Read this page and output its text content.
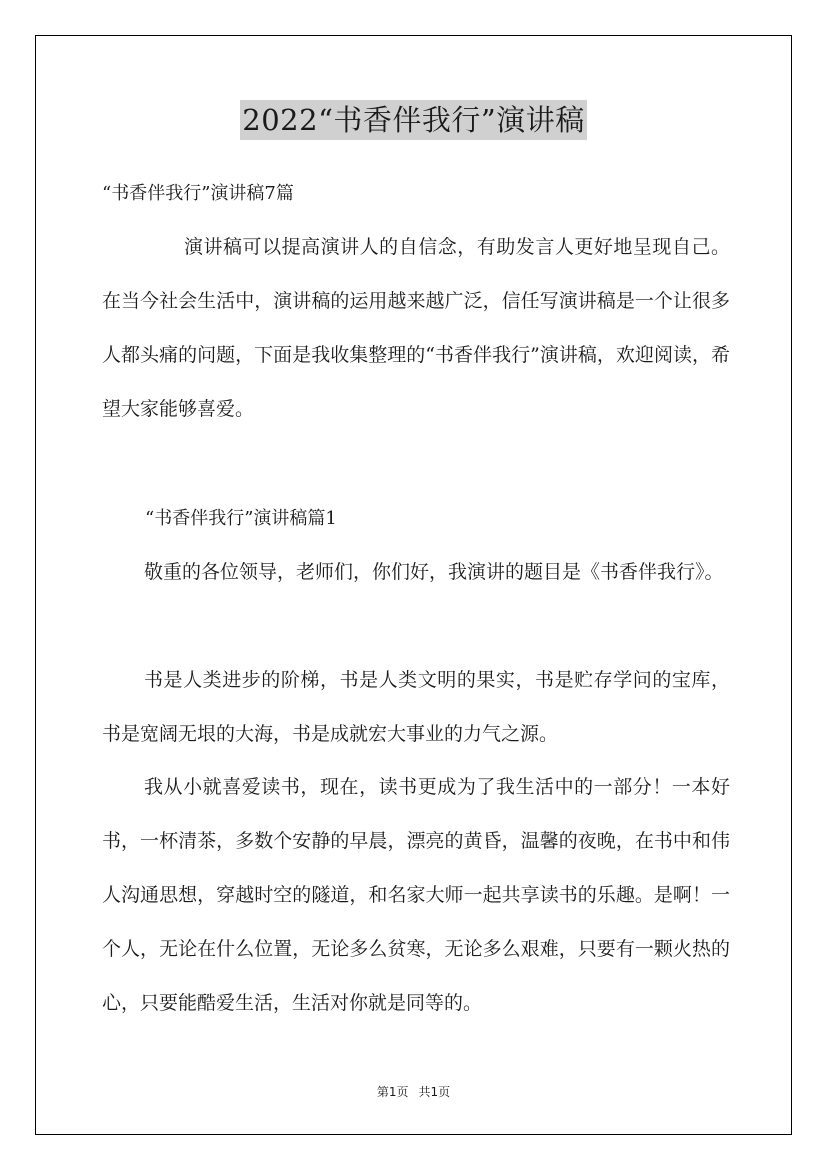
2022“书香伴我行”演讲稿
“书香伴我行”演讲稿7篇
演讲稿可以提高演讲人的自信念，有助发言人更好地呈现自己。在当今社会生活中，演讲稿的运用越来越广泛，信任写演讲稿是一个让很多人都头痛的问题，下面是我收集整理的“书香伴我行”演讲稿，欢迎阅读，希望大家能够喜爱。
“书香伴我行”演讲稿篇1
敬重的各位领导，老师们，你们好，我演讲的题目是《书香伴我行》。
书是人类进步的阶梯，书是人类文明的果实，书是贮存学问的宝库，书是宽阔无垠的大海，书是成就宏大事业的力气之源。
我从小就喜爱读书，现在，读书更成为了我生活中的一部分！一本好书，一杯清茶，多数个安静的早晨，漂亮的黄昏，温馨的夜晚，在书中和伟人沟通思想，穿越时空的隧道，和名家大师一起共享读书的乐趣。是啊！一个人，无论在什么位置，无论多么贫寒，无论多么艰难，只要有一颗火热的心，只要能酷爱生活，生活对你就是同等的。
第1页 共1页
